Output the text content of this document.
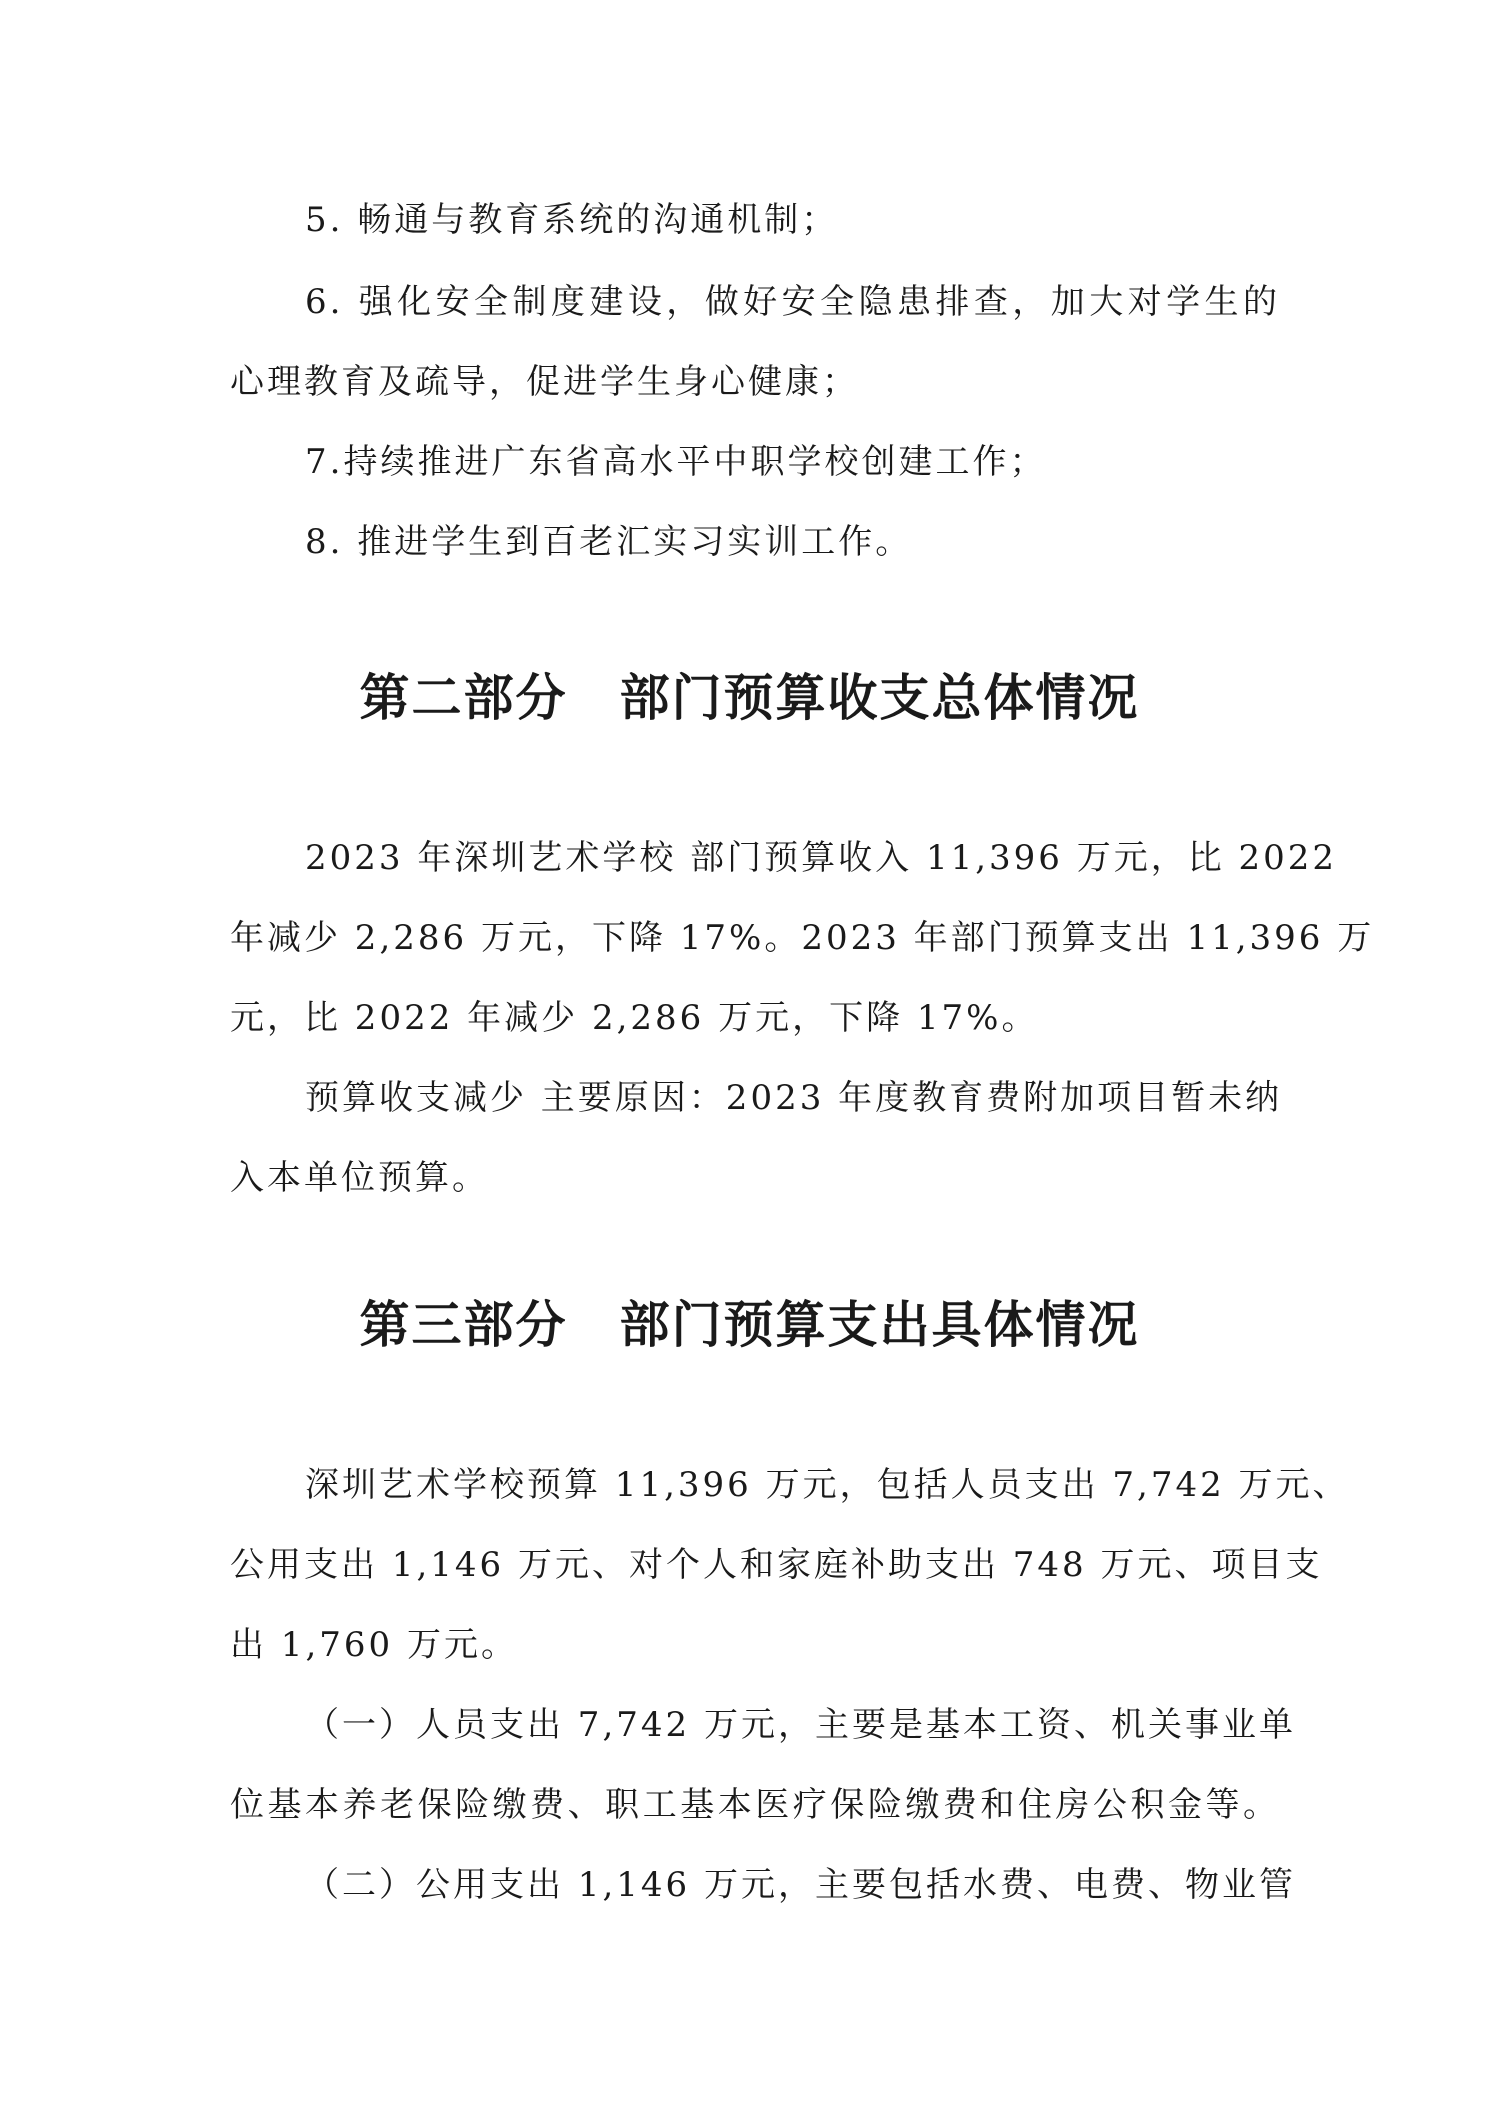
5. 畅通与教育系统的沟通机制；
6. 强化安全制度建设，做好安全隐患排查，加大对学生的
心理教育及疏导，促进学生身心健康；
7.持续推进广东省高水平中职学校创建工作；
8. 推进学生到百老汇实习实训工作。
第二部分　部门预算收支总体情况
2023 年深圳艺术学校 部门预算收入 11,396 万元，比 2022
年减少 2,286 万元，下降 17%。2023 年部门预算支出 11,396 万
元，比 2022 年减少 2,286 万元，下降 17%。
预算收支减少 主要原因：2023 年度教育费附加项目暂未纳
入本单位预算。
第三部分　部门预算支出具体情况
深圳艺术学校预算 11,396 万元，包括人员支出 7,742 万元、
公用支出 1,146 万元、对个人和家庭补助支出 748 万元、项目支
出 1,760 万元。
（一）人员支出 7,742 万元，主要是基本工资、机关事业单
位基本养老保险缴费、职工基本医疗保险缴费和住房公积金等。
（二）公用支出 1,146 万元，主要包括水费、电费、物业管
